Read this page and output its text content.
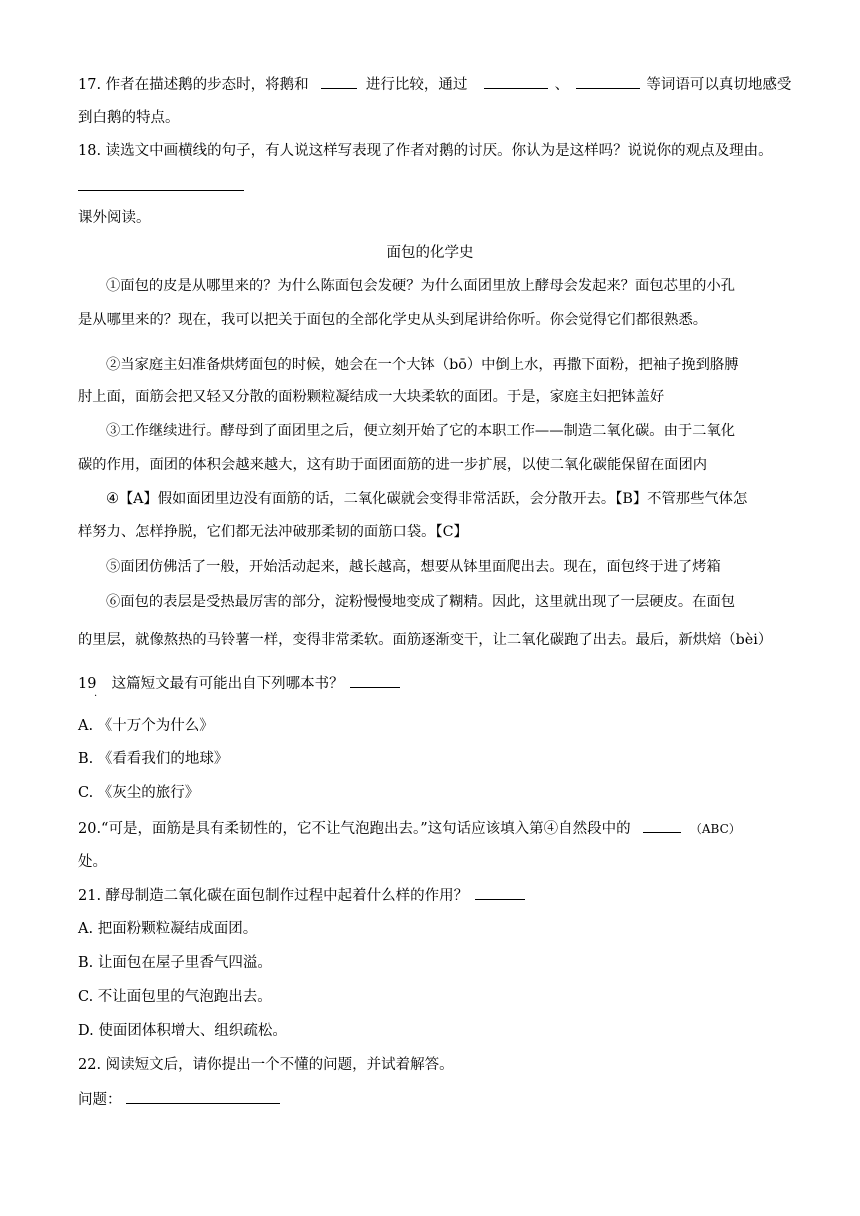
17. 作者在描述鹅的步态时，将鹅和	进行比较，通过	、	等词语可以真切地感受
到白鹅的特点。
18. 读选文中画横线的句子，有人说这样写表现了作者对鹅的讨厌。你认为是这样吗？说说你的观点及理由。
课外阅读。
面包的化学史
①面包的皮是从哪里来的？为什么陈面包会发硬？为什么面团里放上酵母会发起来？面包芯里的小孔
是从哪里来的？现在，我可以把关于面包的全部化学史从头到尾讲给你听。你会觉得它们都很熟悉。
②当家庭主妇准备烘烤面包的时候，她会在一个大钵（bō）中倒上水，再撒下面粉，把袖子挽到胳膊
肘上面，面筋会把又轻又分散的面粉颗粒凝结成一大块柔软的面团。于是，家庭主妇把钵盖好
③工作继续进行。酵母到了面团里之后，便立刻开始了它的本职工作——制造二氧化碳。由于二氧化
碳的作用，面团的体积会越来越大，这有助于面团面筋的进一步扩展，以使二氧化碳能保留在面团内
④【A】假如面团里边没有面筋的话，二氧化碳就会变得非常活跃，会分散开去。【B】不管那些气体怎
样努力、怎样挣脱，它们都无法冲破那柔韧的面筋口袋。【C】
⑤面团仿佛活了一般，开始活动起来，越长越高，想要从钵里面爬出去。现在，面包终于进了烤箱
⑥面包的表层是受热最厉害的部分，淀粉慢慢地变成了糊精。因此，这里就出现了一层硬皮。在面包
的里层，就像熬热的马铃薯一样，变得非常柔软。面筋逐渐变干，让二氧化碳跑了出去。最后，新烘焙（bèi）
19 这篇短文最有可能出自下列哪本书？
.
A. 《十万个为什么》
B. 《看看我们的地球》
C. 《灰尘的旅行》
20.“可是，面筋是具有柔韧性的，它不让气泡跑出去。”这句话应该填入第④自然段中的	（ABC）
处。
21. 酵母制造二氧化碳在面包制作过程中起着什么样的作用？
A. 把面粉颗粒凝结成面团。
B. 让面包在屋子里香气四溢。
C. 不让面包里的气泡跑出去。
D. 使面团体积增大、组织疏松。
22. 阅读短文后，请你提出一个不懂的问题，并试着解答。
问题：
